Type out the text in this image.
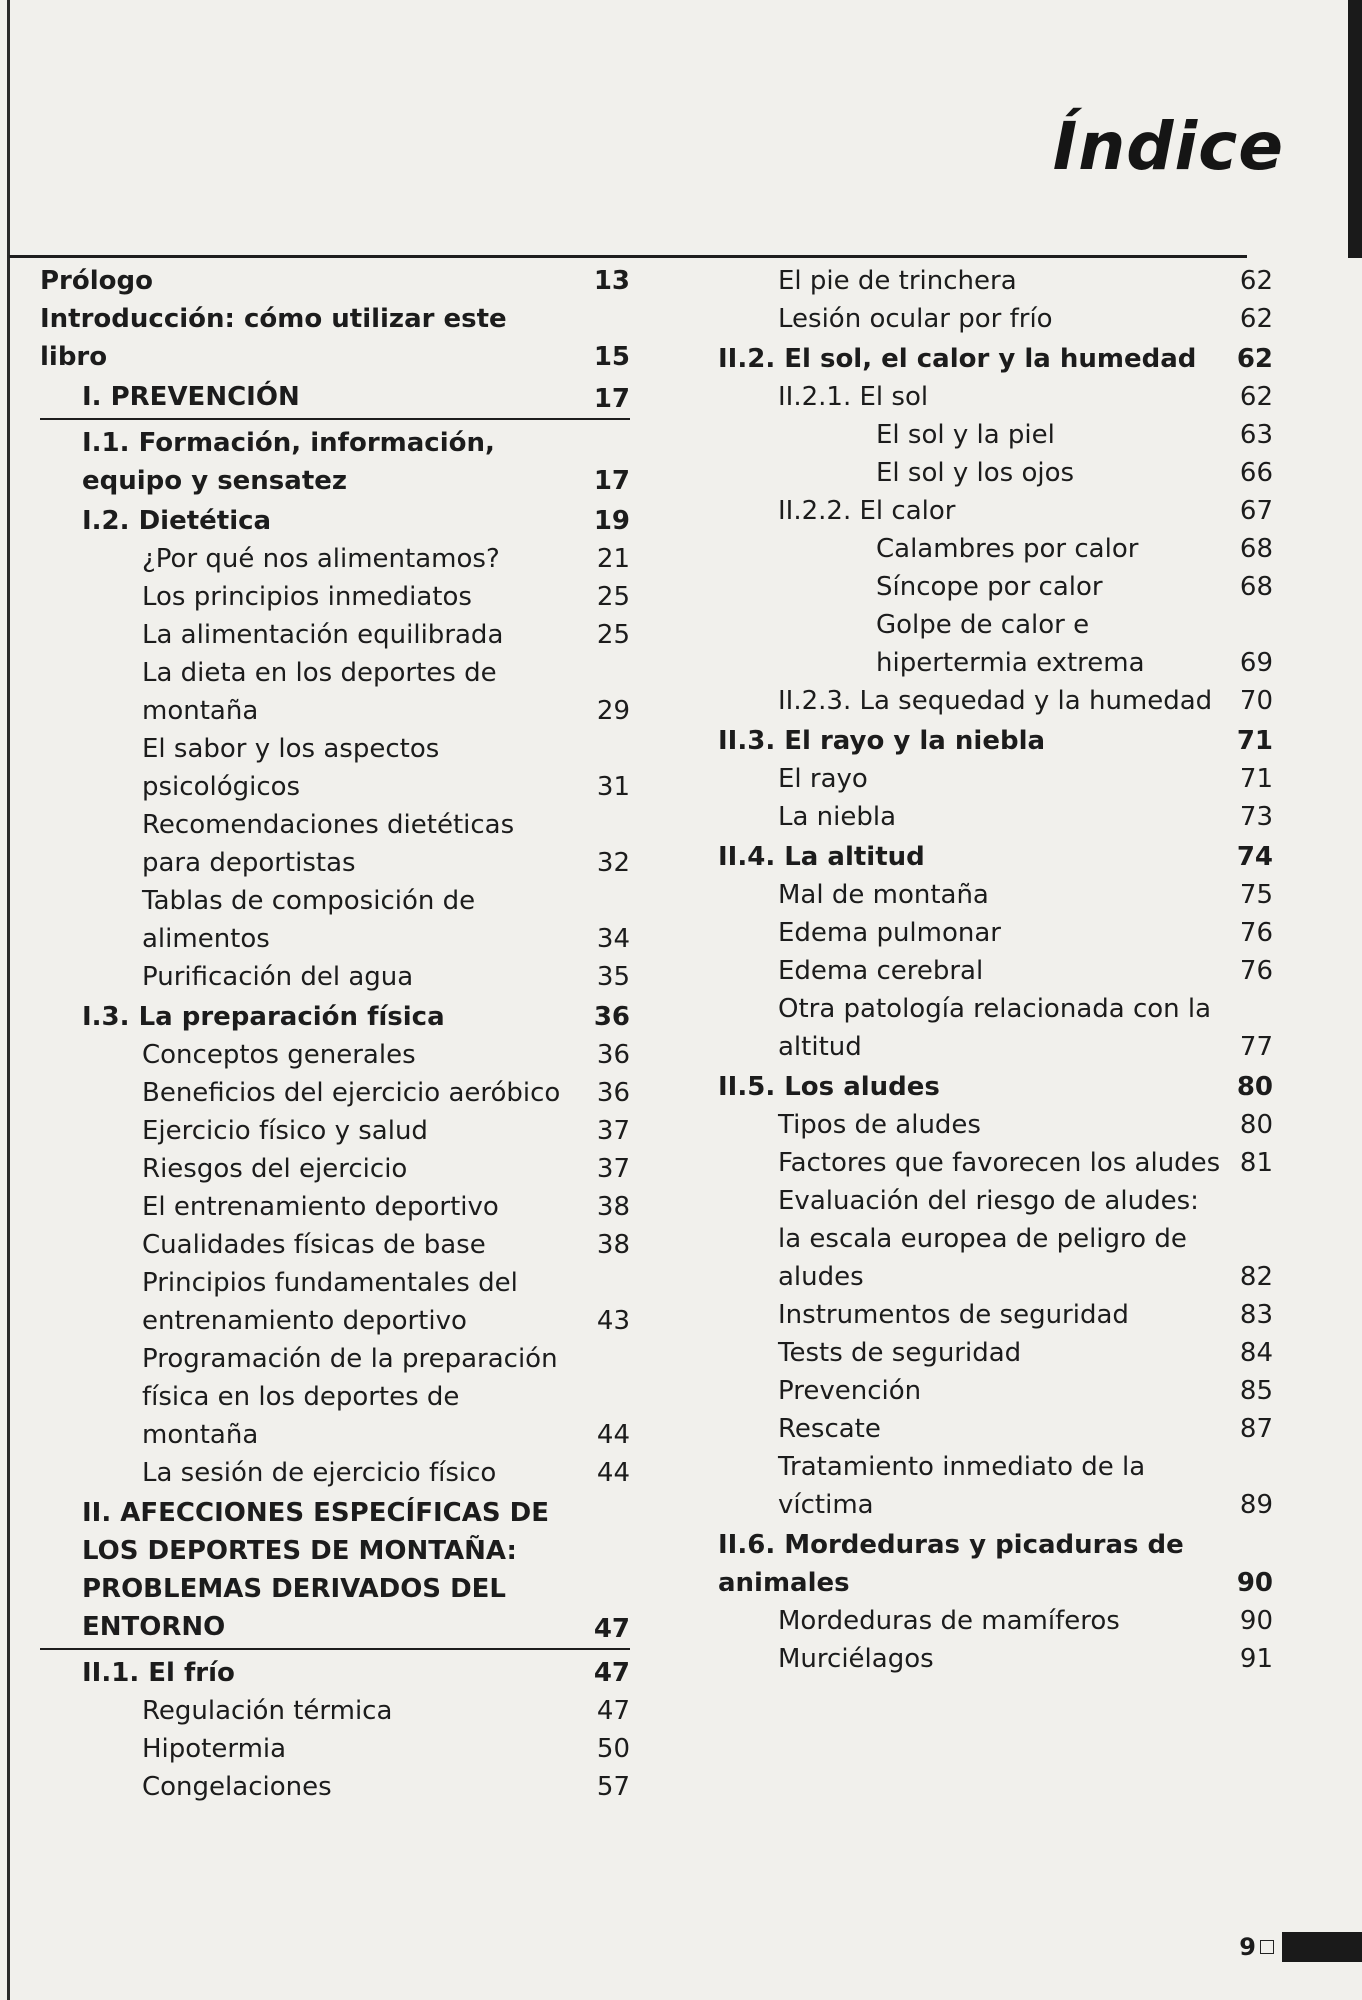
Índice
Prólogo	13
Introducción: cómo utilizar este libro	15
I. PREVENCIÓN	17
I.1. Formación, información, equipo y sensatez	17
I.2. Dietética	19
¿Por qué nos alimentamos?	21
Los principios inmediatos	25
La alimentación equilibrada	25
La dieta en los deportes de montaña	29
El sabor y los aspectos psicológicos	31
Recomendaciones dietéticas para deportistas	32
Tablas de composición de alimentos	34
Purificación del agua	35
I.3. La preparación física	36
Conceptos generales	36
Beneficios del ejercicio aeróbico	36
Ejercicio físico y salud	37
Riesgos del ejercicio	37
El entrenamiento deportivo	38
Cualidades físicas de base	38
Principios fundamentales del entrenamiento deportivo	43
Programación de la preparación física en los deportes de montaña	44
La sesión de ejercicio físico	44
II. AFECCIONES ESPECÍFICAS DE LOS DEPORTES DE MONTAÑA: PROBLEMAS DERIVADOS DEL ENTORNO	47
II.1. El frío	47
Regulación térmica	47
Hipotermia	50
Congelaciones	57
El pie de trinchera	62
Lesión ocular por frío	62
II.2. El sol, el calor y la humedad	62
II.2.1. El sol	62
El sol y la piel	63
El sol y los ojos	66
II.2.2. El calor	67
Calambres por calor	68
Síncope por calor	68
Golpe de calor e hipertermia extrema	69
II.2.3. La sequedad y la humedad	70
II.3. El rayo y la niebla	71
El rayo	71
La niebla	73
II.4. La altitud	74
Mal de montaña	75
Edema pulmonar	76
Edema cerebral	76
Otra patología relacionada con la altitud	77
II.5. Los aludes	80
Tipos de aludes	80
Factores que favorecen los aludes 81
Evaluación del riesgo de aludes: la escala europea de peligro de aludes	82
Instrumentos de seguridad	83
Tests de seguridad	84
Prevención	85
Rescate	87
Tratamiento inmediato de la víctima	89
II.6. Mordeduras y picaduras de animales	90
Mordeduras de mamíferos	90
Murciélagos	91
9
